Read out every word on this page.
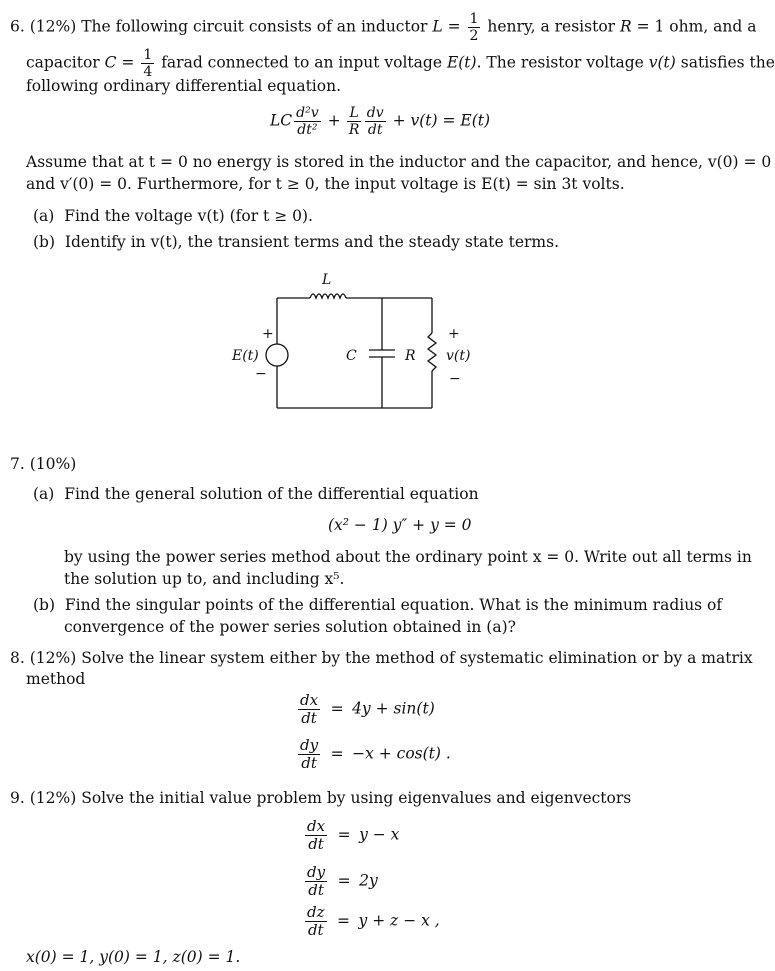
6. (12%) The following circuit consists of an inductor $L = \frac{1}{2}$ henry, a resistor R = 1 ohm, and a
capacitor $C = \frac{1}{4}$ farad connected to an input voltage E(t). The resistor voltage v(t) satisfies the
following ordinary differential equation.
LC $\frac{\text{d²v}}{\text{dt²}} + \frac{L}{R} \frac{dv}{dt} + v(t) = E(t)$
Assume that at t = 0 no energy is stored in the inductor and the capacitor, and hence, v(0) = 0
and v′(0) = 0. Furthermore, for t ≥ 0, the input voltage is E(t) = sin 3t volts.
(a) Find the voltage v(t) (for t ≥ 0).
(b) Identify in v(t), the transient terms and the steady state terms.
L
E(t)
+
−
C	R
+
v(t)
−
7. (10%)
(a) Find the general solution of the differential equation
(x² − 1) y″ + y = 0
by using the power series method about the ordinary point x = 0. Write out all terms in
the solution up to, and including x⁵.
(b) Find the singular points of the differential equation. What is the minimum radius of
convergence of the power series solution obtained in (a)?
8. (12%) Solve the linear system either by the method of systematic elimination or by a matrix
method
$\frac{dx}{dt} = 4y + \sin(t)$
$\frac{dy}{dt} = -x + \cos(t)$ .
9. (12%) Solve the initial value problem by using eigenvalues and eigenvectors
$\frac{dx}{dt} = y - x$
$\frac{dy}{dt} = 2y$
$\frac{dz}{dt} = y + z - x$ ,
x(0) = 1, y(0) = 1, z(0) = 1.
